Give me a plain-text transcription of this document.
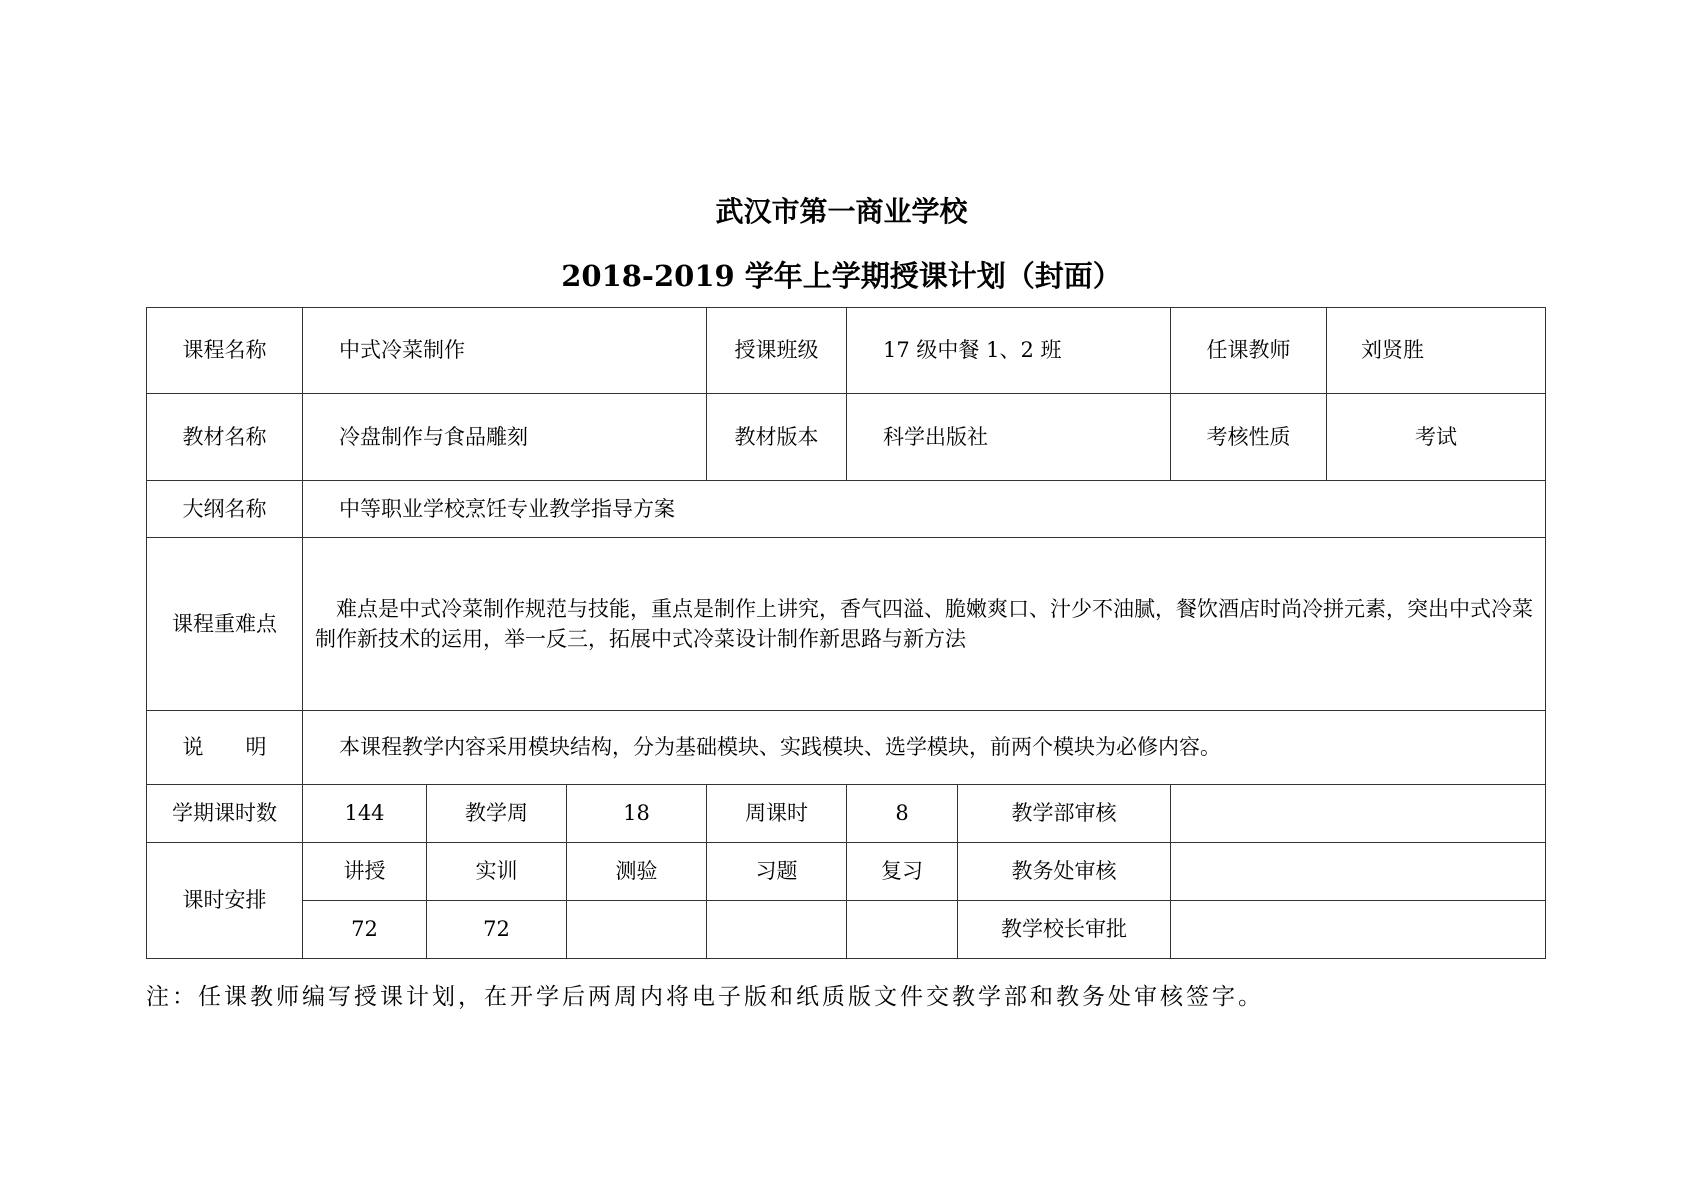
武汉市第一商业学校
2018-2019 学年上学期授课计划（封面）
课程名称	中式冷菜制作			授课班级	17 级中餐 1、2 班		任课教师	刘贤胜
教材名称	冷盘制作与食品雕刻			教材版本	科学出版社		考核性质	考试
大纲名称	中等职业学校烹饪专业教学指导方案							
课程重难点	难点是中式冷菜制作规范与技能，重点是制作上讲究，香气四溢、脆嫩爽口、汁少不油腻，餐饮酒店时尚冷拼元素，突出中式冷菜制作新技术的运用，举一反三，拓展中式冷菜设计制作新思路与新方法							

说　　明	本课程教学内容采用模块结构，分为基础模块、实践模块、选学模块，前两个模块为必修内容。							

学期课时数	144	教学周	18	周课时	8	教学部审核		
课时安排	讲授	实训	测验	习题	复习	教务处审核		
	72	72				教学校长审批		
注：任课教师编写授课计划，在开学后两周内将电子版和纸质版文件交教学部和教务处审核签字。
